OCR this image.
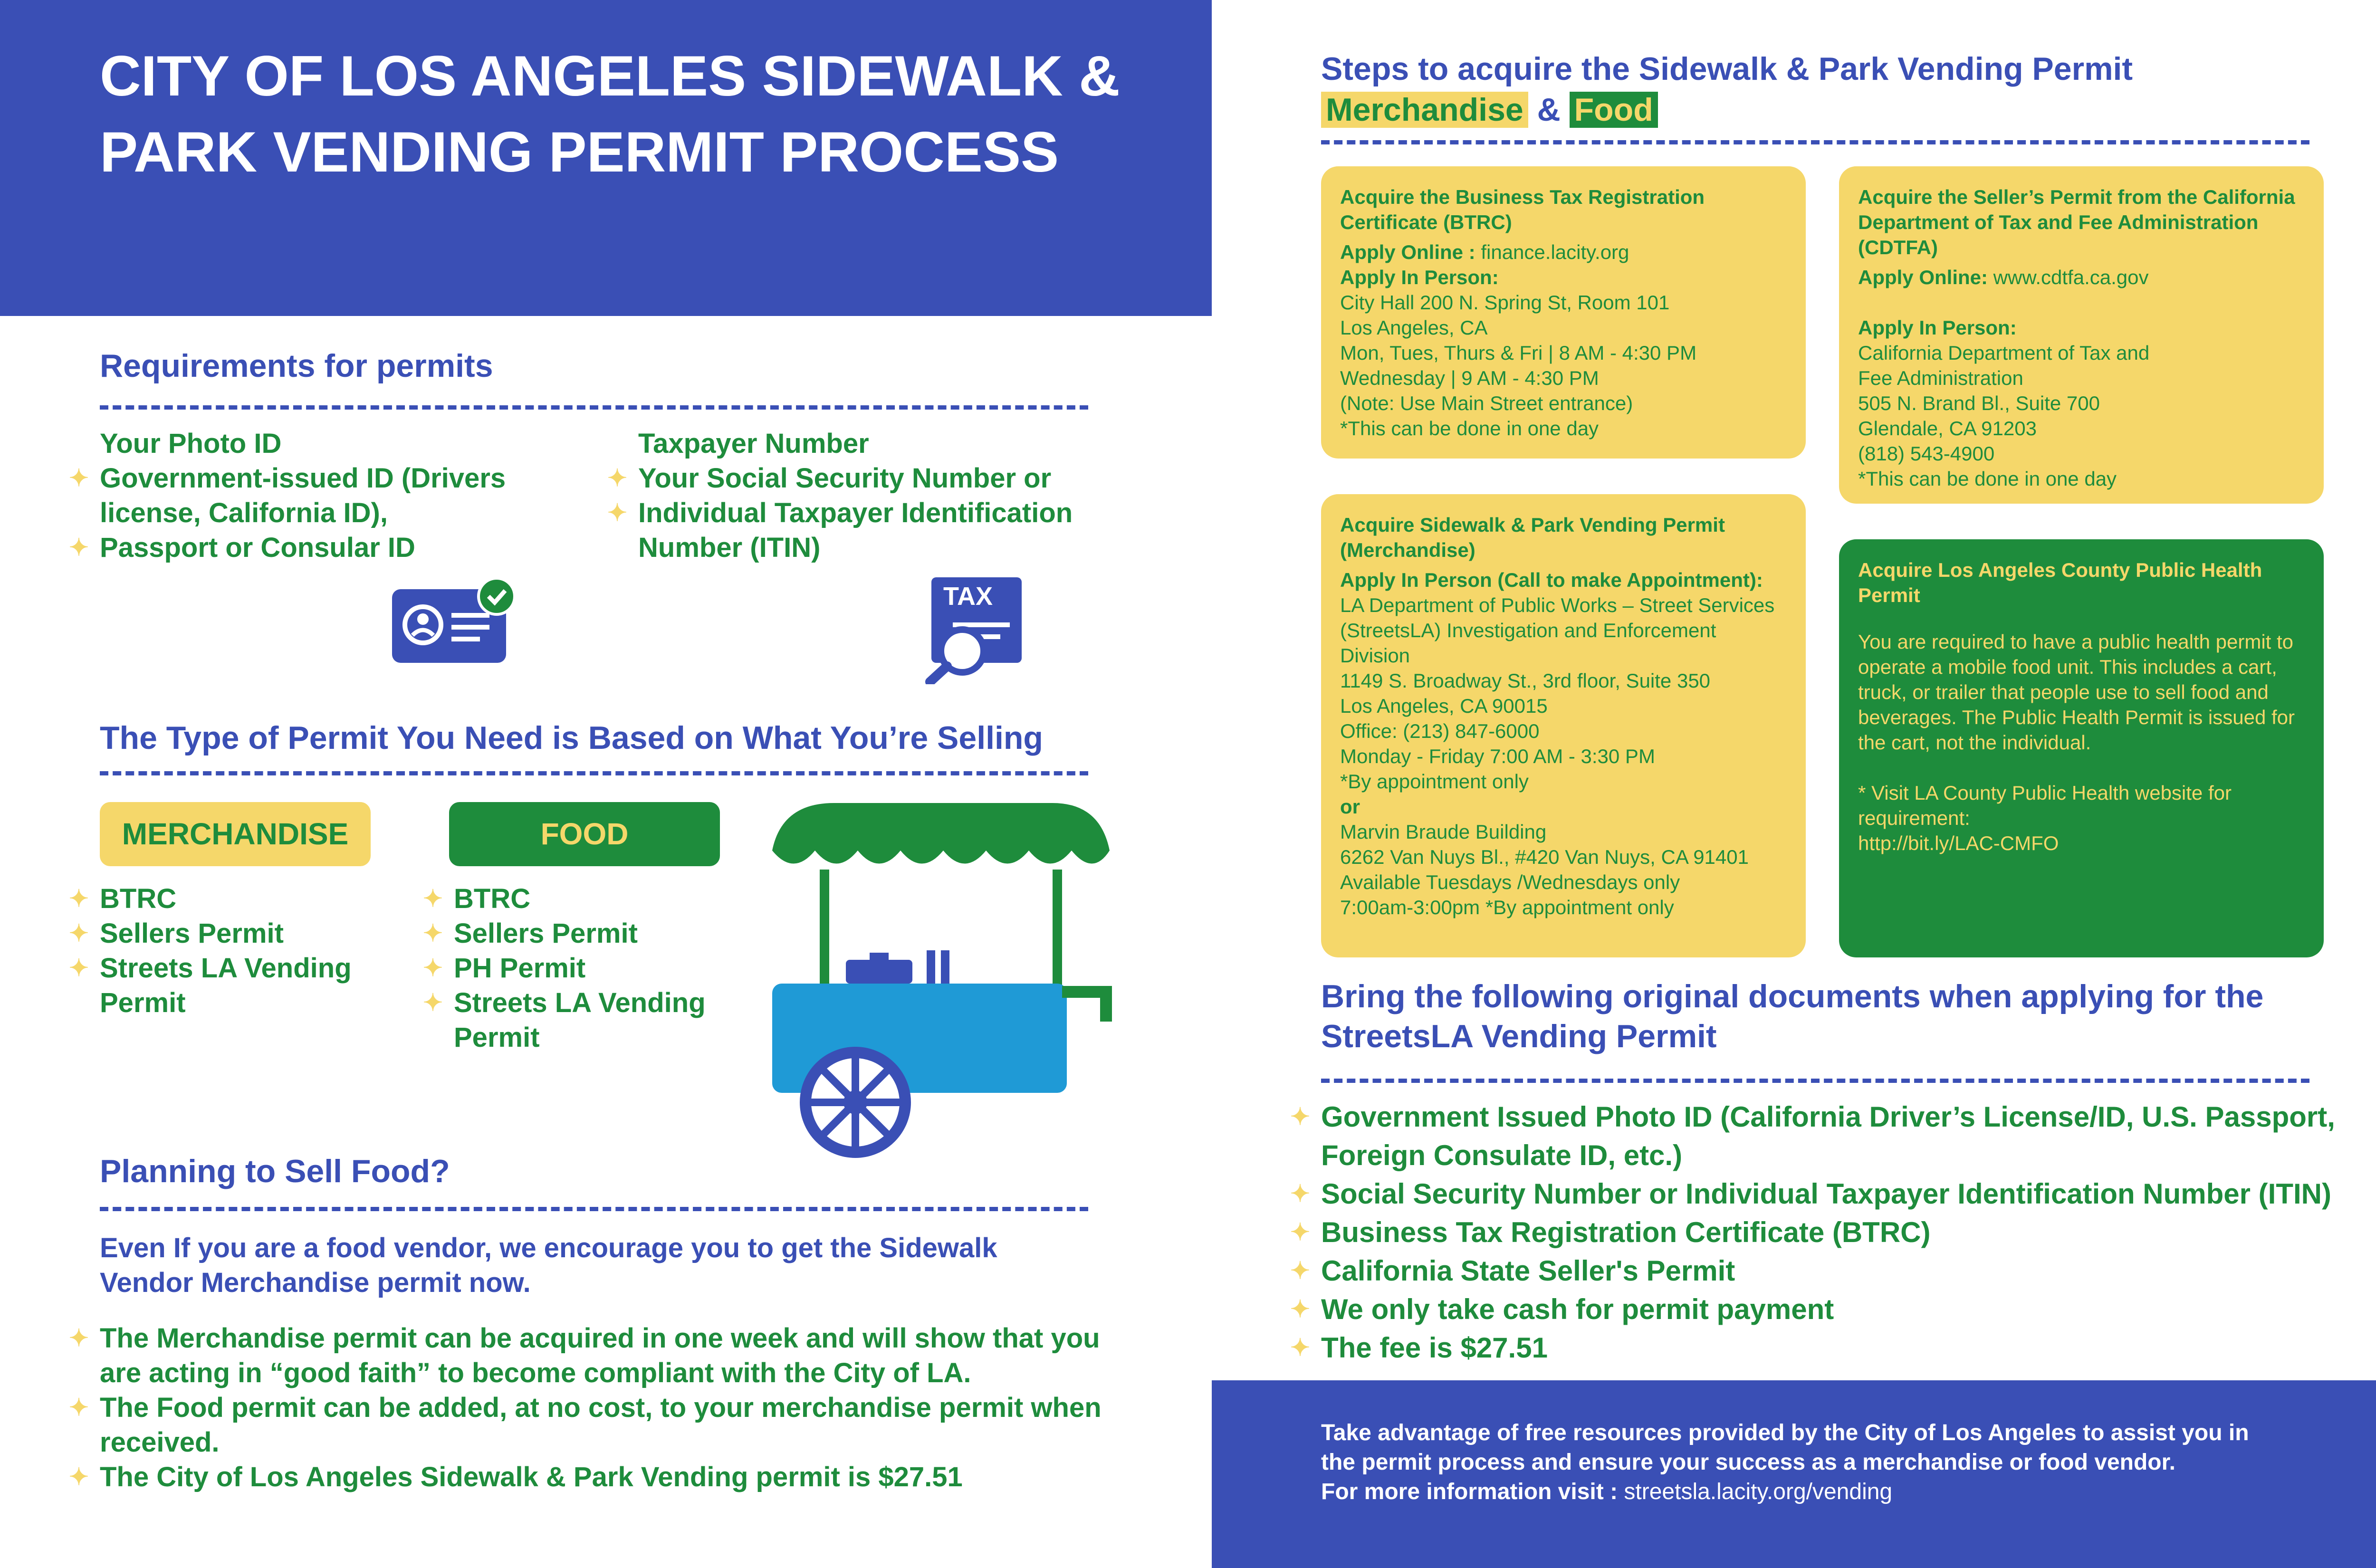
CITY OF LOS ANGELES SIDEWALK & PARK VENDING PERMIT PROCESS
Requirements for permits
Your Photo ID
✦ Government-issued ID (Drivers license, California ID),
✦ Passport or Consular ID
Taxpayer Number
✦ Your Social Security Number or
✦ Individual Taxpayer Identification Number (ITIN)
TAX
The Type of Permit You Need is Based on What You’re Selling
MERCHANDISE	FOOD
✦ BTRC
✦ Sellers Permit
✦ Streets LA Vending Permit
✦ BTRC
✦ Sellers Permit
✦ PH Permit
✦ Streets LA Vending Permit
Planning to Sell Food?
Even If you are a food vendor, we encourage you to get the Sidewalk Vendor Merchandise permit now.
✦ The Merchandise permit can be acquired in one week and will show that you are acting in “good faith” to become compliant with the City of LA.
✦ The Food permit can be added, at no cost, to your merchandise permit when received.
✦ The City of Los Angeles Sidewalk & Park Vending permit is $27.51
Steps to acquire the Sidewalk & Park Vending Permit
Merchandise & Food
Acquire the Business Tax Registration Certificate (BTRC)

Apply Online : finance.lacity.org

Apply In Person:

City Hall 200 N. Spring St, Room 101

Los Angeles, CA

Mon, Tues, Thurs & Fri | 8 AM - 4:30 PM

Wednesday | 9 AM - 4:30 PM

(Note: Use Main Street entrance)

*This can be done in one day

Acquire the Seller’s Permit from the California Department of Tax and Fee Administration (CDTFA)

Apply Online: www.cdtfa.ca.gov

Apply In Person:

California Department of Tax and

Fee Administration

505 N. Brand Bl., Suite 700

Glendale, CA 91203

(818) 543-4900

*This can be done in one day

Acquire Sidewalk & Park Vending Permit (Merchandise)

Apply In Person (Call to make Appointment):

LA Department of Public Works – Street Services (StreetsLA) Investigation and Enforcement Division

1149 S. Broadway St., 3rd floor, Suite 350

Los Angeles, CA 90015

Office: (213) 847-6000

Monday - Friday 7:00 AM - 3:30 PM

*By appointment only

or

Marvin Braude Building

6262 Van Nuys Bl., #420 Van Nuys, CA 91401

Available Tuesdays /Wednesdays only

7:00am-3:00pm *By appointment only

Acquire Los Angeles County Public Health Permit

You are required to have a public health permit to operate a mobile food unit. This includes a cart, truck, or trailer that people use to sell food and beverages. The Public Health Permit is issued for the cart, not the individual.

* Visit LA County Public Health website for requirement:

http://bit.ly/LAC-CMFO

Bring the following original documents when applying for the StreetsLA Vending Permit
✦ Government Issued Photo ID (California Driver’s License/ID, U.S. Passport, Foreign Consulate ID, etc.)
✦ Social Security Number or Individual Taxpayer Identification Number (ITIN)
✦ Business Tax Registration Certificate (BTRC)
✦ California State Seller's Permit
✦ We only take cash for permit payment
✦ The fee is $27.51

Take advantage of free resources provided by the City of Los Angeles to assist you in

the permit process and ensure your success as a merchandise or food vendor.

For more information visit : streetsla.lacity.org/vending
